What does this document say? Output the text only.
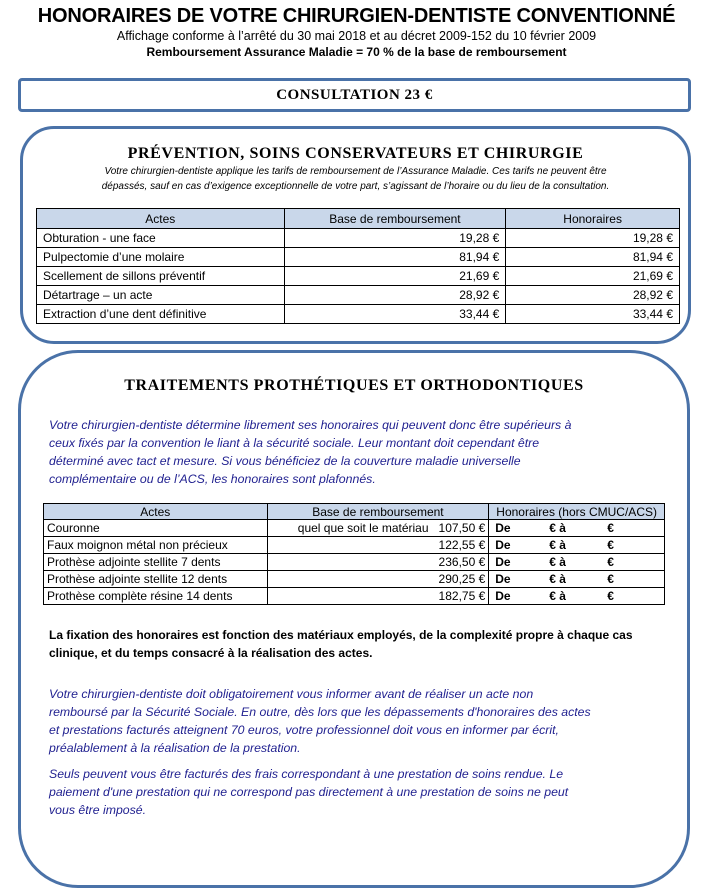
HONORAIRES DE VOTRE CHIRURGIEN-DENTISTE CONVENTIONNÉ
Affichage conforme à l’arrêté du 30 mai 2018 et au décret 2009-152 du 10 février 2009
Remboursement Assurance Maladie = 70 % de la base de remboursement
CONSULTATION 23 €
PRÉVENTION, SOINS CONSERVATEURS ET CHIRURGIE
Votre chirurgien-dentiste applique les tarifs de remboursement de l’Assurance Maladie. Ces tarifs ne peuvent être
dépassés, sauf en cas d’exigence exceptionnelle de votre part, s’agissant de l’horaire ou du lieu de la consultation.
Actes	Base de remboursement	Honoraires
Obturation - une face	19,28 €	19,28 €
Pulpectomie d’une molaire	81,94 €	81,94 €
Scellement de sillons préventif	21,69 €	21,69 €
Détartrage – un acte	28,92 €	28,92 €
Extraction d’une dent définitive	33,44 €	33,44 €
TRAITEMENTS PROTHÉTIQUES ET ORTHODONTIQUES
Votre chirurgien-dentiste détermine librement ses honoraires qui peuvent donc être supérieurs à
ceux fixés par la convention le liant à la sécurité sociale. Leur montant doit cependant être
déterminé avec tact et mesure. Si vous bénéficiez de la couverture maladie universelle
complémentaire ou de l’ACS, les honoraires sont plafonnés.
Actes	Base de remboursement	Honoraires (hors CMUC/ACS)
Couronne	quel que soit le matériau 107,50 €	De € à €

Faux moignon métal non précieux	122,55 €	De € à €

Prothèse adjointe stellite 7 dents	236,50 €	De € à €

Prothèse adjointe stellite 12 dents	290,25 €	De € à €

Prothèse complète résine 14 dents	182,75 €	De € à €
La fixation des honoraires est fonction des matériaux employés, de la complexité propre à chaque cas
clinique, et du temps consacré à la réalisation des actes.
Votre chirurgien-dentiste doit obligatoirement vous informer avant de réaliser un acte non
remboursé par la Sécurité Sociale. En outre, dès lors que les dépassements d'honoraires des actes
et prestations facturés atteignent 70 euros, votre professionnel doit vous en informer par écrit,
préalablement à la réalisation de la prestation.
Seuls peuvent vous être facturés des frais correspondant à une prestation de soins rendue. Le
paiement d'une prestation qui ne correspond pas directement à une prestation de soins ne peut
vous être imposé.
